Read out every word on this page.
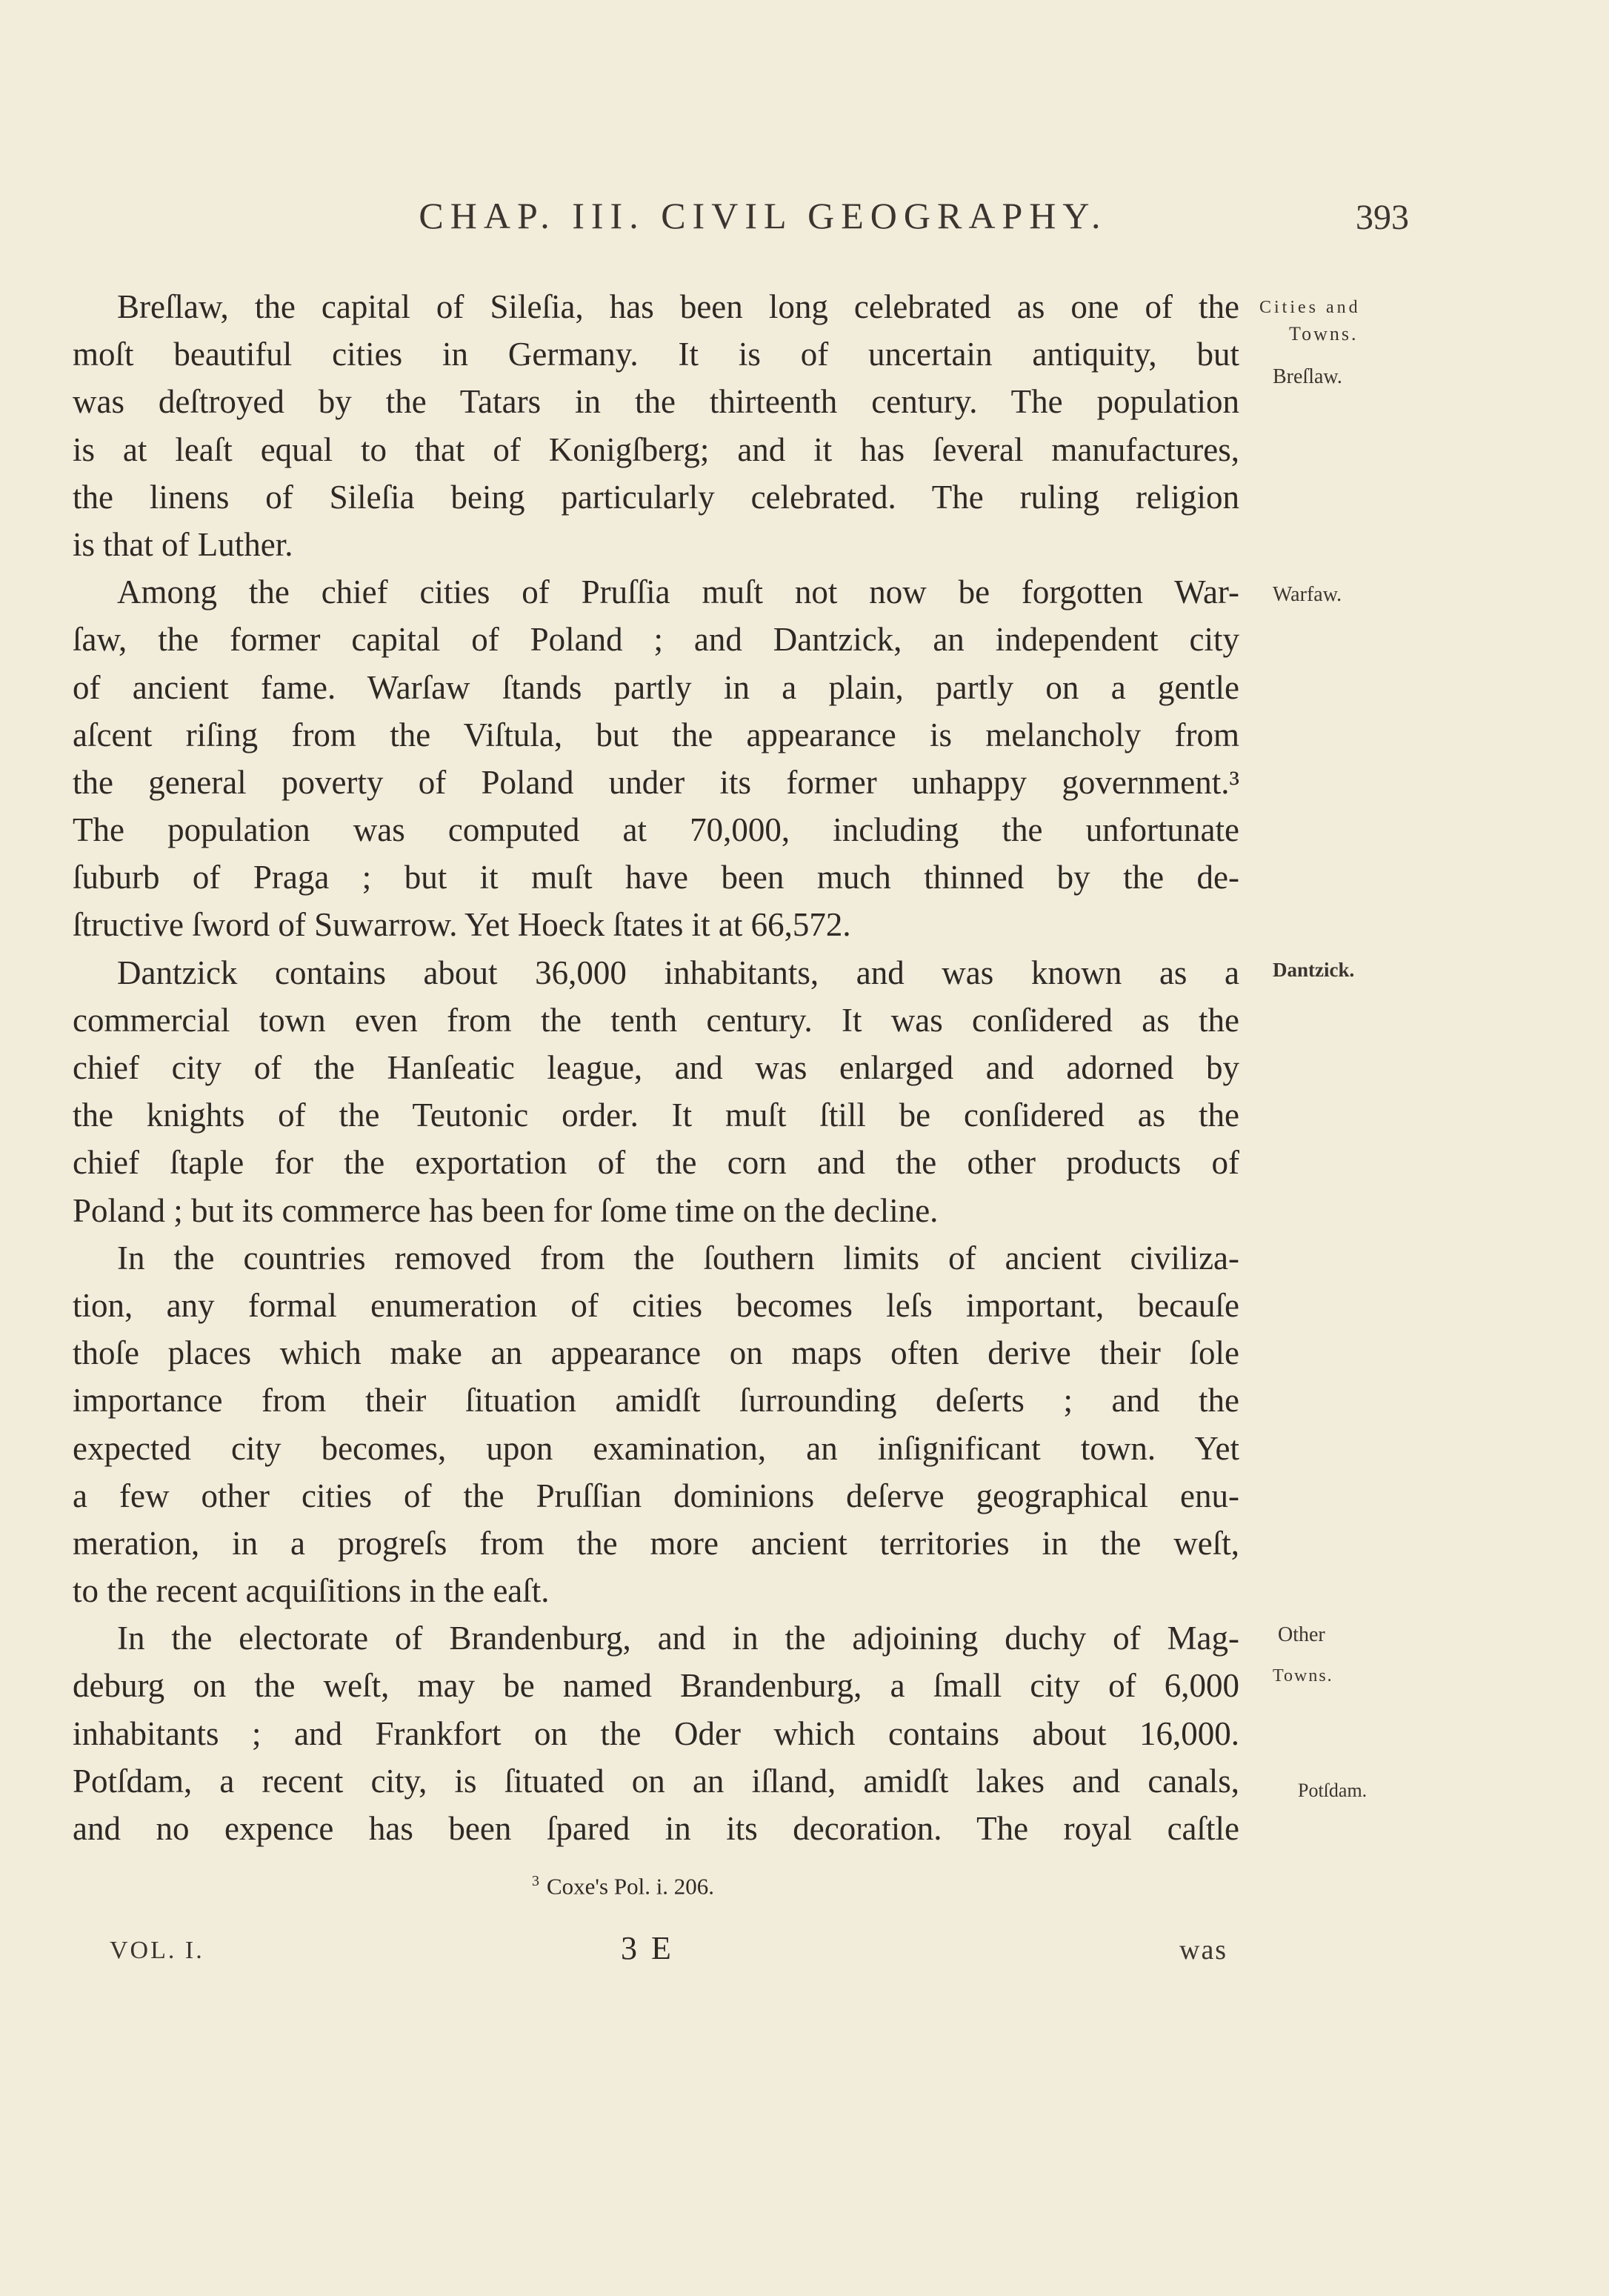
CHAP. III. CIVIL GEOGRAPHY.	393
Cities and
Towns.
Breſlaw.
Warfaw.
Dantzick.
Other
Towns.
Potſdam.
Breſlaw, the capital of Sileſia, has been long celebrated as one of the
moſt beautiful cities in Germany. It is of uncertain antiquity, but
was deſtroyed by the Tatars in the thirteenth century. The population
is at leaſt equal to that of Konigſberg; and it has ſeveral manufactures,
the linens of Sileſia being particularly celebrated. The ruling religion
is that of Luther.
Among the chief cities of Pruſſia muſt not now be forgotten War-
ſaw, the former capital of Poland ; and Dantzick, an independent city
of ancient fame. Warſaw ſtands partly in a plain, partly on a gentle
aſcent riſing from the Viſtula, but the appearance is melancholy from
the general poverty of Poland under its former unhappy government.³
The population was computed at 70,000, including the unfortunate
ſuburb of Praga ; but it muſt have been much thinned by the de-
ſtructive ſword of Suwarrow. Yet Hoeck ſtates it at 66,572.
Dantzick contains about 36,000 inhabitants, and was known as a
commercial town even from the tenth century. It was conſidered as the
chief city of the Hanſeatic league, and was enlarged and adorned by
the knights of the Teutonic order. It muſt ſtill be conſidered as the
chief ſtaple for the exportation of the corn and the other products of
Poland ; but its commerce has been for ſome time on the decline.
In the countries removed from the ſouthern limits of ancient civiliza-
tion, any formal enumeration of cities becomes leſs important, becauſe
thoſe places which make an appearance on maps often derive their ſole
importance from their ſituation amidſt ſurrounding deſerts ; and the
expected city becomes, upon examination, an inſignificant town. Yet
a few other cities of the Pruſſian dominions deſerve geographical enu-
meration, in a progreſs from the more ancient territories in the weſt,
to the recent acquiſitions in the eaſt.
In the electorate of Brandenburg, and in the adjoining duchy of Mag-
deburg on the weſt, may be named Brandenburg, a ſmall city of 6,000
inhabitants ; and Frankfort on the Oder which contains about 16,000.
Potſdam, a recent city, is ſituated on an iſland, amidſt lakes and canals,
and no expence has been ſpared in its decoration. The royal caſtle
$^3$ Coxe's Pol. i. 206.
VOL. I.	3 E	was
